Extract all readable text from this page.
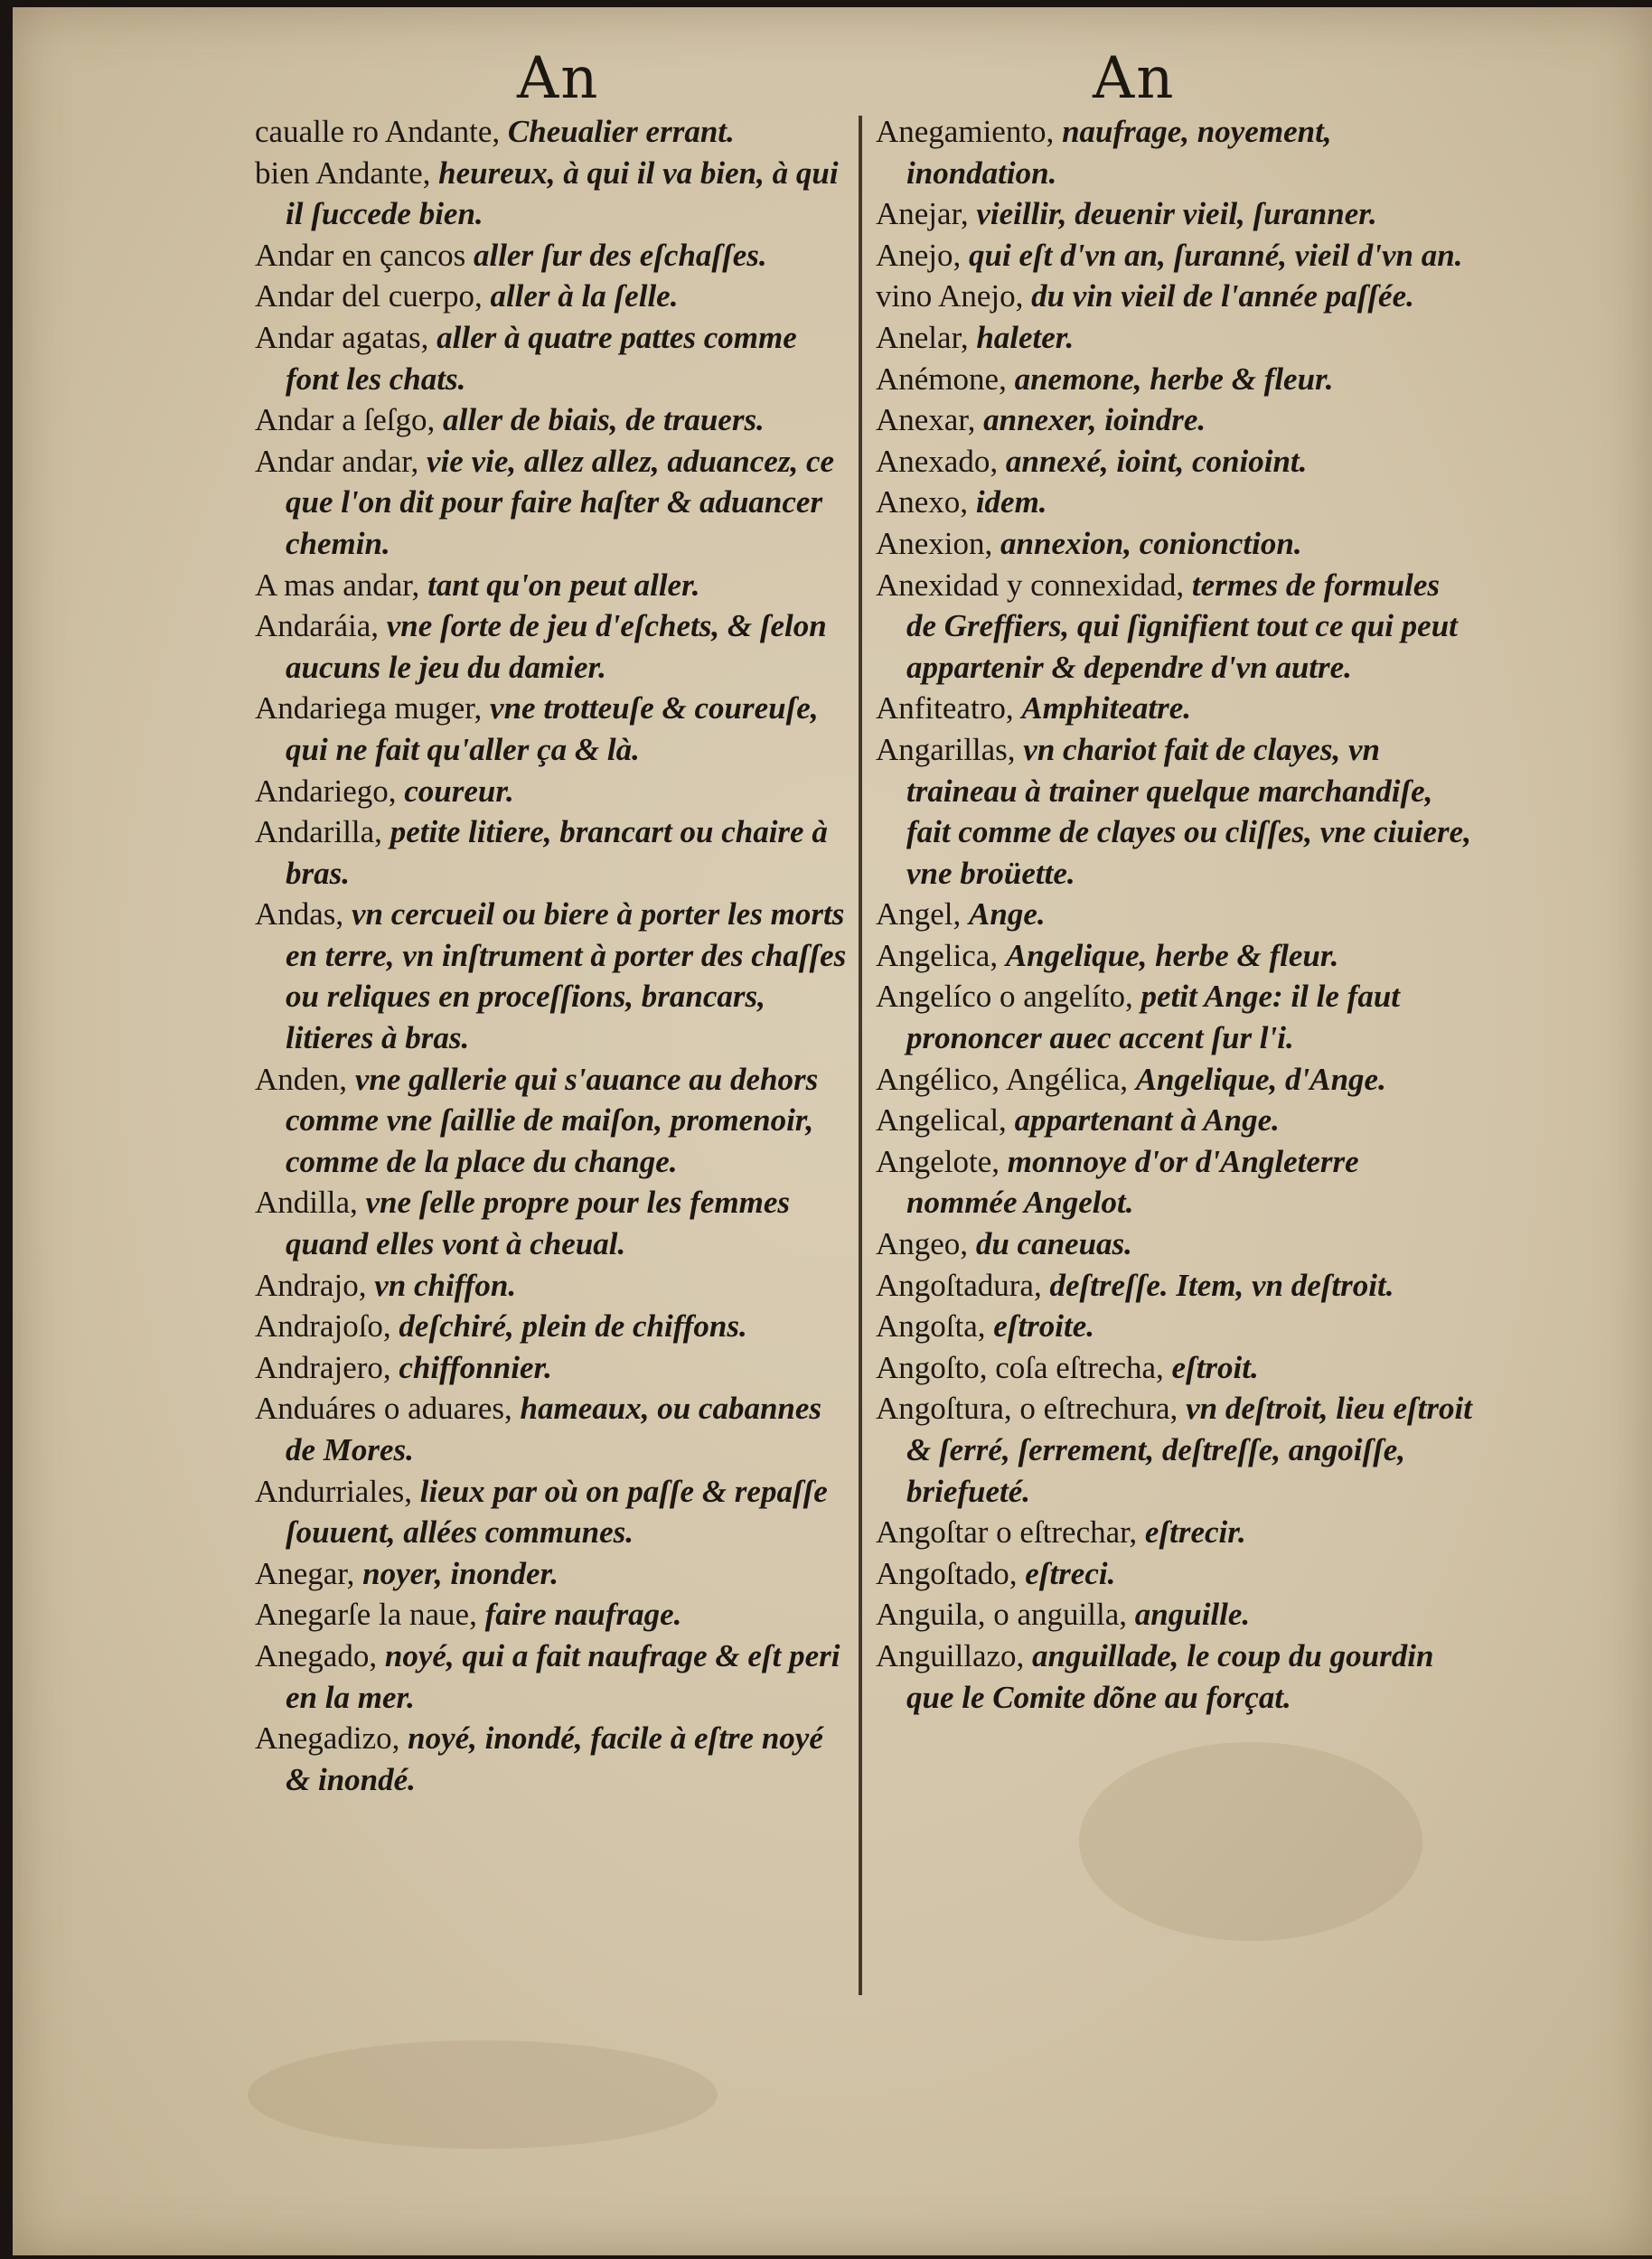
An	An

caualle ro Andante, Cheualier errant.

bien Andante, heureux, à qui il va bien, à qui il ſuccede bien.

Andar en çancos aller ſur des eſchaſſes.

Andar del cuerpo, aller à la ſelle.

Andar agatas, aller à quatre pattes comme font les chats.

Andar a ſeſgo, aller de biais, de trauers.

Andar andar, vie vie, allez allez, aduancez, ce que l'on dit pour faire haſter & aduancer chemin.

A mas andar, tant qu'on peut aller.

Andaráia, vne ſorte de jeu d'eſchets, & ſelon aucuns le jeu du damier.

Andariega muger, vne trotteuſe & coureuſe, qui ne fait qu'aller ça & là.

Andariego, coureur.

Andarilla, petite litiere, brancart ou chaire à bras.

Andas, vn cercueil ou biere à porter les morts en terre, vn inſtrument à porter des chaſſes ou reliques en proceſſions, brancars, litieres à bras.

Anden, vne gallerie qui s'auance au dehors comme vne ſaillie de maiſon, promenoir, comme de la place du change.

Andilla, vne ſelle propre pour les femmes quand elles vont à cheual.

Andrajo, vn chiffon.

Andrajoſo, deſchiré, plein de chiffons.

Andrajero, chiffonnier.

Anduáres o aduares, hameaux, ou cabannes de Mores.

Andurriales, lieux par où on paſſe & repaſſe ſouuent, allées communes.

Anegar, noyer, inonder.

Anegarſe la naue, faire naufrage.

Anegado, noyé, qui a fait naufrage & eſt peri en la mer.

Anegadizo, noyé, inondé, facile à eſtre noyé & inondé.

Anegamiento, naufrage, noyement, inondation.

Anejar, vieillir, deuenir vieil, ſuranner.

Anejo, qui eſt d'vn an, ſuranné, vieil d'vn an.

vino Anejo, du vin vieil de l'année paſſée.

Anelar, haleter.

Anémone, anemone, herbe & fleur.

Anexar, annexer, ioindre.

Anexado, annexé, ioint, conioint.

Anexo, idem.

Anexion, annexion, conionction.

Anexidad y connexidad, termes de formules de Greffiers, qui ſignifient tout ce qui peut appartenir & dependre d'vn autre.

Anfiteatro, Amphiteatre.

Angarillas, vn chariot fait de clayes, vn traineau à trainer quelque marchandiſe, fait comme de clayes ou cliſſes, vne ciuiere, vne broüette.

Angel, Ange.

Angelica, Angelique, herbe & fleur.

Angelíco o angelíto, petit Ange: il le faut prononcer auec accent ſur l'i.

Angélico, Angélica, Angelique, d'Ange.

Angelical, appartenant à Ange.

Angelote, monnoye d'or d'Angleterre nommée Angelot.

Angeo, du caneuas.

Angoſtadura, deſtreſſe. Item, vn deſtroit.

Angoſta, eſtroite.

Angoſto, coſa eſtrecha, eſtroit.

Angoſtura, o eſtrechura, vn deſtroit, lieu eſtroit & ſerré, ſerrement, deſtreſſe, angoiſſe, briefueté.

Angoſtar o eſtrechar, eſtrecir.

Angoſtado, eſtreci.

Anguila, o anguilla, anguille.

Anguillazo, anguillade, le coup du gourdin que le Comite dõne au forçat.
